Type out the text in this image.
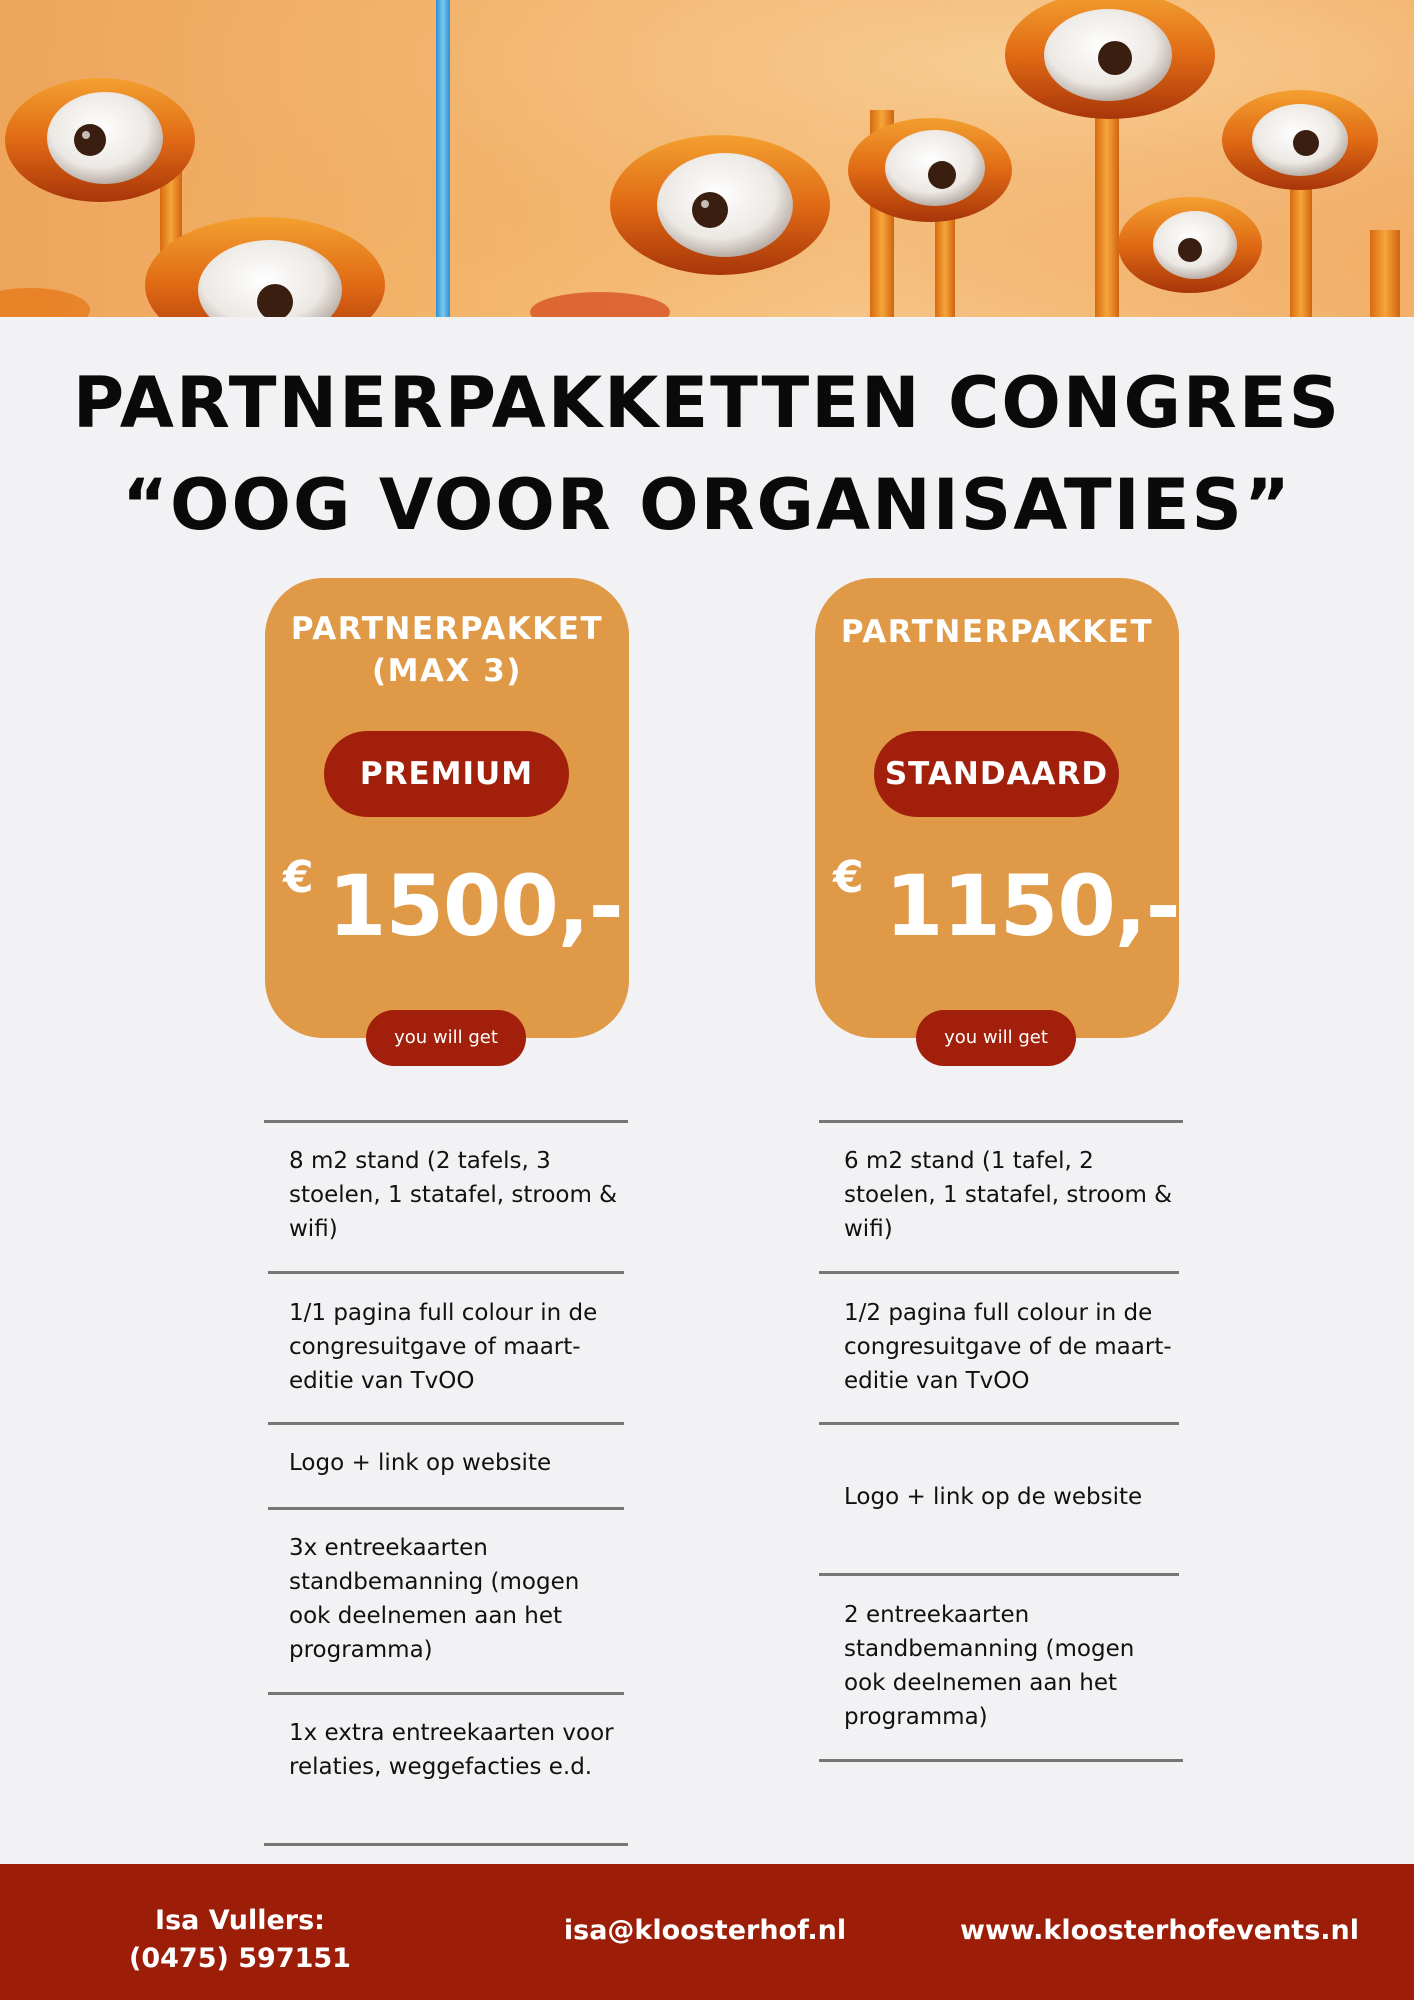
PARTNERPAKKETTEN CONGRES
“OOG VOOR ORGANISATIES”
PARTNERPAKKET
(MAX 3)
PREMIUM
€ 1500,-
you will get
PARTNERPAKKET
STANDAARD
€ 1150,-
you will get
8 m2 stand (2 tafels, 3 stoelen, 1 statafel, stroom & wifi)
1/1 pagina full colour in de congresuitgave of maart-editie van TvOO
Logo + link op website
3x entreekaarten standbemanning (mogen ook deelnemen aan het programma)
1x extra entreekaarten voor relaties, weggefacties e.d.
6 m2 stand (1 tafel, 2 stoelen, 1 statafel, stroom & wifi)
1/2 pagina full colour in de congresuitgave of de maart-editie van TvOO
Logo + link op de website
2 entreekaarten standbemanning (mogen ook deelnemen aan het programma)
Isa Vullers:
(0475) 597151
isa@kloosterhof.nl	www.kloosterhofevents.nl
